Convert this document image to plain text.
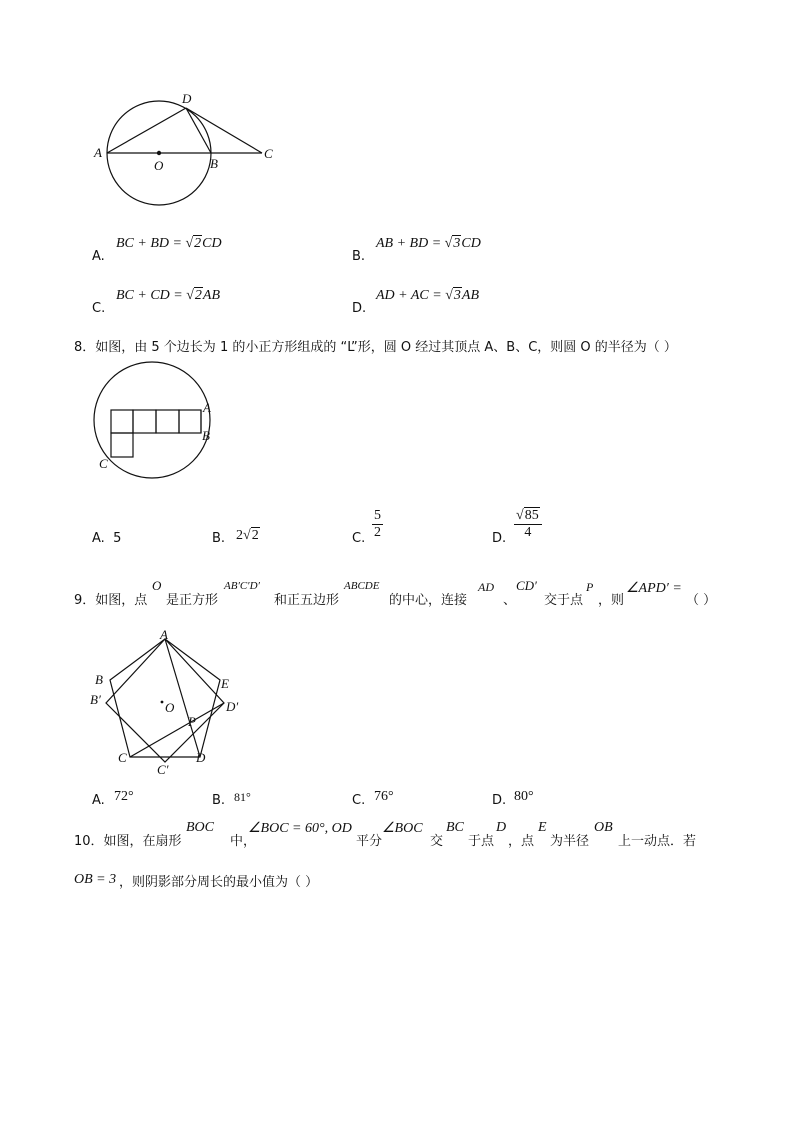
A
O	B
C
D
A.
BC + BD = √2CD
B.
AB + BD = √3CD
C.
BC + CD = √2AB
D.
AD + AC = √3AB
8．如图，由 5 个边长为 1 的小正方形组成的 “L”形，圆 O 经过其顶点 A、B、C，则圆 O 的半径为（ ）
A
B
C
A. 5	B. 2√2	C. $\frac{5}{2}$	D. $\frac{√85}{4}$
9．如图，点
O
是正方形
AB′C′D′
和正五边形
ABCDE
的中心，连接
AD
、
CD′
交于点
P
，则
∠APD′ =
（ ）
A
B
B′
O
P
E
D′
C	D
C′
A. 72°	B. 81°	C. 76°	D. 80°
10．如图，在扇形
BOC
中，
∠BOC = 60°, OD
平分
∠BOC
交
BC
于点
D
，点
E
为半径
OB
上一动点．若
OB = 3 ，则阴影部分周长的最小值为（ ）
